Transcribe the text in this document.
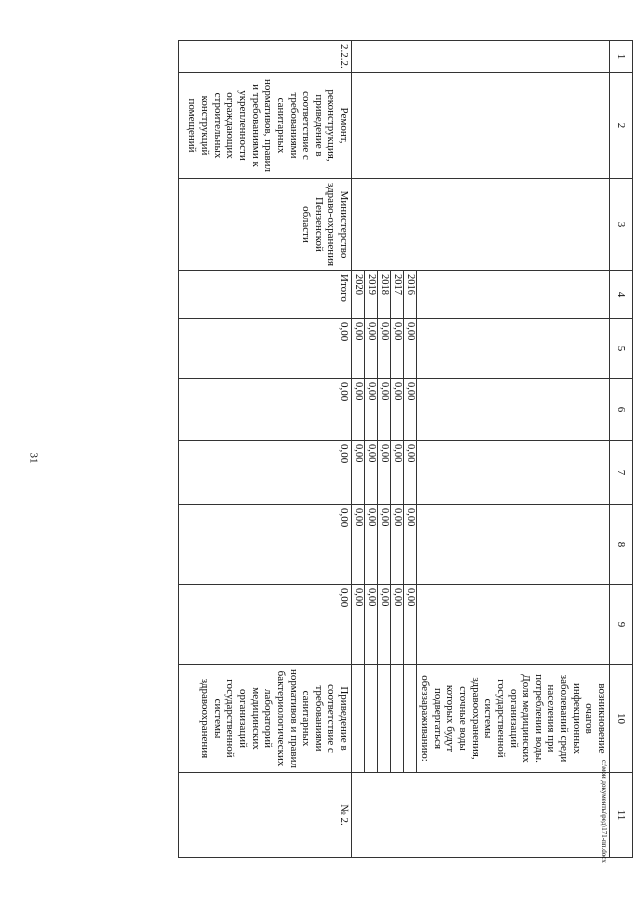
31
1	2	3	4	5	6	7	8	9	10	11
									возникновение очагов инфекционных заболеваний среди населения при потреблении воды. Доля медицинских организаций государственной системы здравоохранения, сточные воды которых будут подвергаться обеззараживанию:	
			2016	0,00	0,00	0,00	0,00	0,00		
			2017	0,00	0,00	0,00	0,00	0,00		
			2018	0,00	0,00	0,00	0,00	0,00		
			2019	0,00	0,00	0,00	0,00	0,00		
			2020	0,00	0,00	0,00	0,00	0,00		
2.2.2.	Ремонт, реконструкция, приведение в соответствие с требованиями санитарных нормативов, правил и требованиями к укрепленности ограждающих строительных конструкций помещений	Министерство здраво-охранения Пензенской области	Итого	0,00	0,00	0,00	0,00	0,00	Приведение в соответствие с требованиями санитарных нормативов и правил бактериологических лабораторий медицинских организаций государственной системы здравоохранения	№ 2.	c:\мои документы\ред\171-пп.docx
